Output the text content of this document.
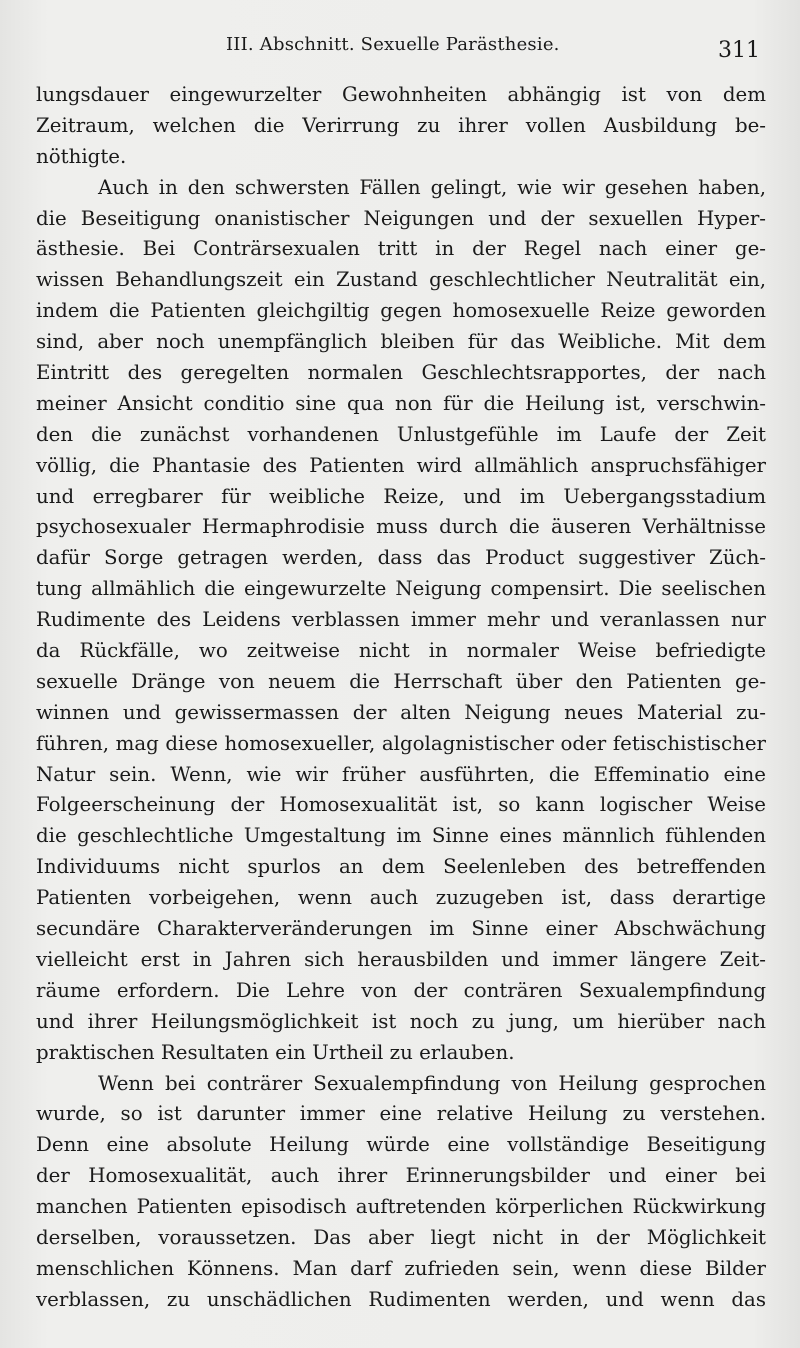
III. Abschnitt. Sexuelle Parästhesie.	311
lungsdauer eingewurzelter Gewohnheiten abhängig ist von dem
Zeitraum, welchen die Verirrung zu ihrer vollen Ausbildung be-
nöthigte.
Auch in den schwersten Fällen gelingt, wie wir gesehen haben,
die Beseitigung onanistischer Neigungen und der sexuellen Hyper-
ästhesie. Bei Conträrsexualen tritt in der Regel nach einer ge-
wissen Behandlungszeit ein Zustand geschlechtlicher Neutralität ein,
indem die Patienten gleichgiltig gegen homosexuelle Reize geworden
sind, aber noch unempfänglich bleiben für das Weibliche. Mit dem
Eintritt des geregelten normalen Geschlechtsrapportes, der nach
meiner Ansicht conditio sine qua non für die Heilung ist, verschwin-
den die zunächst vorhandenen Unlustgefühle im Laufe der Zeit
völlig, die Phantasie des Patienten wird allmählich anspruchsfähiger
und erregbarer für weibliche Reize, und im Uebergangsstadium
psychosexualer Hermaphrodisie muss durch die äuseren Verhältnisse
dafür Sorge getragen werden, dass das Product suggestiver Züch-
tung allmählich die eingewurzelte Neigung compensirt. Die seelischen
Rudimente des Leidens verblassen immer mehr und veranlassen nur
da Rückfälle, wo zeitweise nicht in normaler Weise befriedigte
sexuelle Dränge von neuem die Herrschaft über den Patienten ge-
winnen und gewissermassen der alten Neigung neues Material zu-
führen, mag diese homosexueller, algolagnistischer oder fetischistischer
Natur sein. Wenn, wie wir früher ausführten, die Effeminatio eine
Folgeerscheinung der Homosexualität ist, so kann logischer Weise
die geschlechtliche Umgestaltung im Sinne eines männlich fühlenden
Individuums nicht spurlos an dem Seelenleben des betreffenden
Patienten vorbeigehen, wenn auch zuzugeben ist, dass derartige
secundäre Charakterveränderungen im Sinne einer Abschwächung
vielleicht erst in Jahren sich herausbilden und immer längere Zeit-
räume erfordern. Die Lehre von der conträren Sexualempfindung
und ihrer Heilungsmöglichkeit ist noch zu jung, um hierüber nach
praktischen Resultaten ein Urtheil zu erlauben.
Wenn bei conträrer Sexualempfindung von Heilung gesprochen
wurde, so ist darunter immer eine relative Heilung zu verstehen.
Denn eine absolute Heilung würde eine vollständige Beseitigung
der Homosexualität, auch ihrer Erinnerungsbilder und einer bei
manchen Patienten episodisch auftretenden körperlichen Rückwirkung
derselben, voraussetzen. Das aber liegt nicht in der Möglichkeit
menschlichen Könnens. Man darf zufrieden sein, wenn diese Bilder
verblassen, zu unschädlichen Rudimenten werden, und wenn das
